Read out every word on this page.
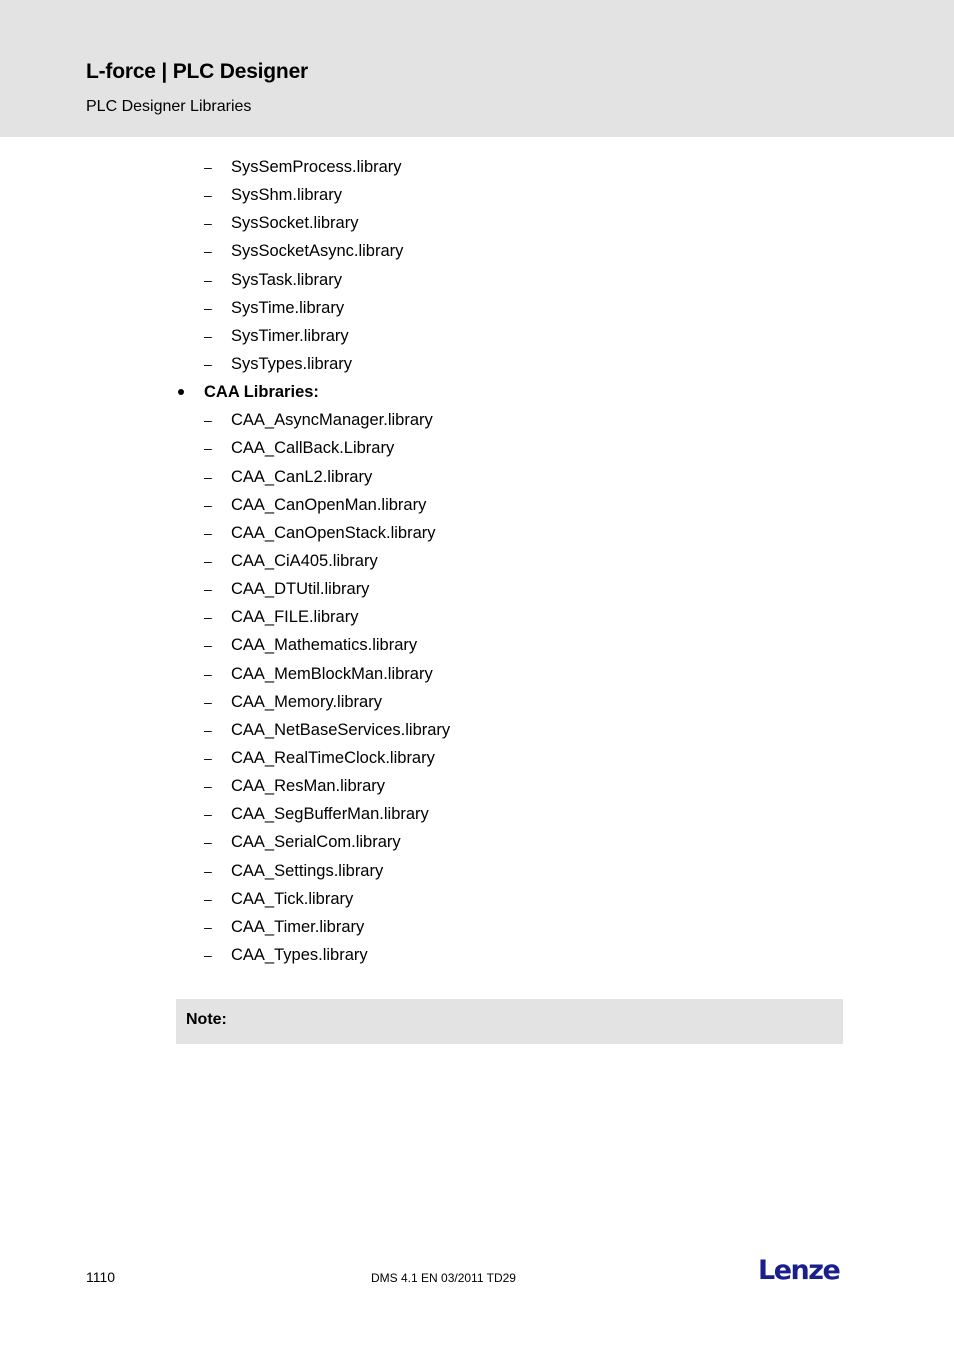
L-force | PLC Designer
PLC Designer Libraries
– SysSemProcess.library
– SysShm.library
– SysSocket.library
– SysSocketAsync.library
– SysTask.library
– SysTime.library
– SysTimer.library
– SysTypes.library
CAA Libraries:
– CAA_AsyncManager.library
– CAA_CallBack.Library
– CAA_CanL2.library
– CAA_CanOpenMan.library
– CAA_CanOpenStack.library
– CAA_CiA405.library
– CAA_DTUtil.library
– CAA_FILE.library
– CAA_Mathematics.library
– CAA_MemBlockMan.library
– CAA_Memory.library
– CAA_NetBaseServices.library
– CAA_RealTimeClock.library
– CAA_ResMan.library
– CAA_SegBufferMan.library
– CAA_SerialCom.library
– CAA_Settings.library
– CAA_Tick.library
– CAA_Timer.library
– CAA_Types.library
Note:
1110	DMS 4.1 EN 03/2011 TD29	Lenze
